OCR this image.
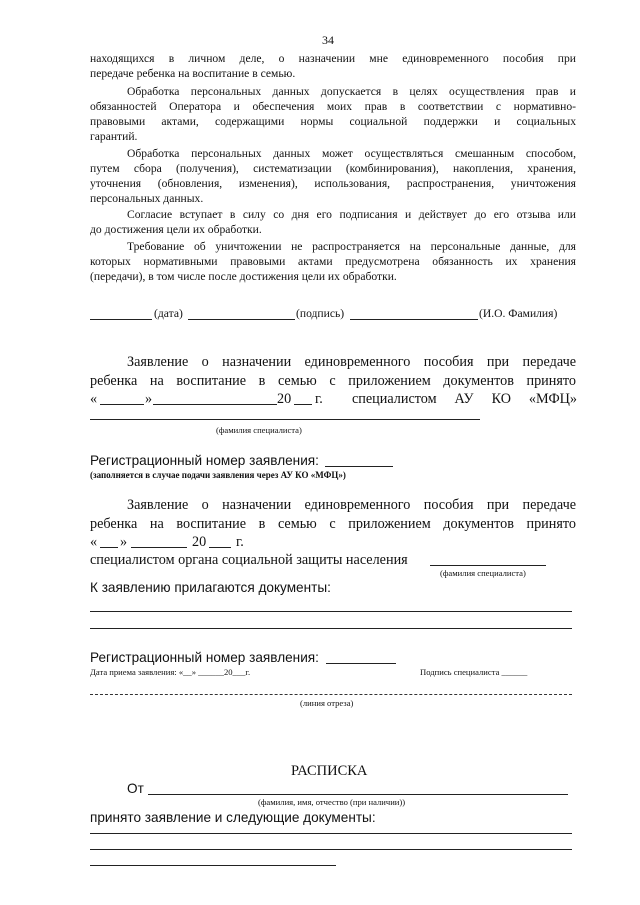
34
находящихся в личном деле, о назначении мне единовременного пособия при
передаче ребенка на воспитание в семью.
Обработка персональных данных допускается в целях осуществления прав и
обязанностей Оператора и обеспечения моих прав в соответствии с нормативно-
правовыми актами, содержащими нормы социальной поддержки и социальных
гарантий.
Обработка персональных данных может осуществляться смешанным способом,
путем сбора (получения), систематизации (комбинирования), накопления, хранения,
уточнения (обновления, изменения), использования, распространения, уничтожения
персональных данных.
Согласие вступает в силу со дня его подписания и действует до его отзыва или
до достижения цели их обработки.
Требование об уничтожении не распространяется на персональные данные, для
которых нормативными правовыми актами предусмотрена обязанность их хранения
(передачи), в том числе после достижения цели их обработки.
(дата)	(подпись)	(И.О. Фамилия)
Заявление о назначении единовременного пособия при передаче
ребенка на воспитание в семью с приложением документов принято
«	»	20 г. специалистом АУ КО «МФЦ»
(фамилия специалиста)
Регистрационный номер заявления:
(заполняется в случае подачи заявления через АУ КО «МФЦ»)
Заявление о назначении единовременного пособия при передаче
ребенка на воспитание в семью с приложением документов принято
« »	20 г.
специалистом органа социальной защиты населения
(фамилия специалиста)
К заявлению прилагаются документы:
Регистрационный номер заявления:
Дата приема заявления: «__» ______20___г.	Подпись специалиста ______
(линия отреза)
РАСПИСКА
От
(фамилия, имя, отчество (при наличии))
принято заявление и следующие документы:
